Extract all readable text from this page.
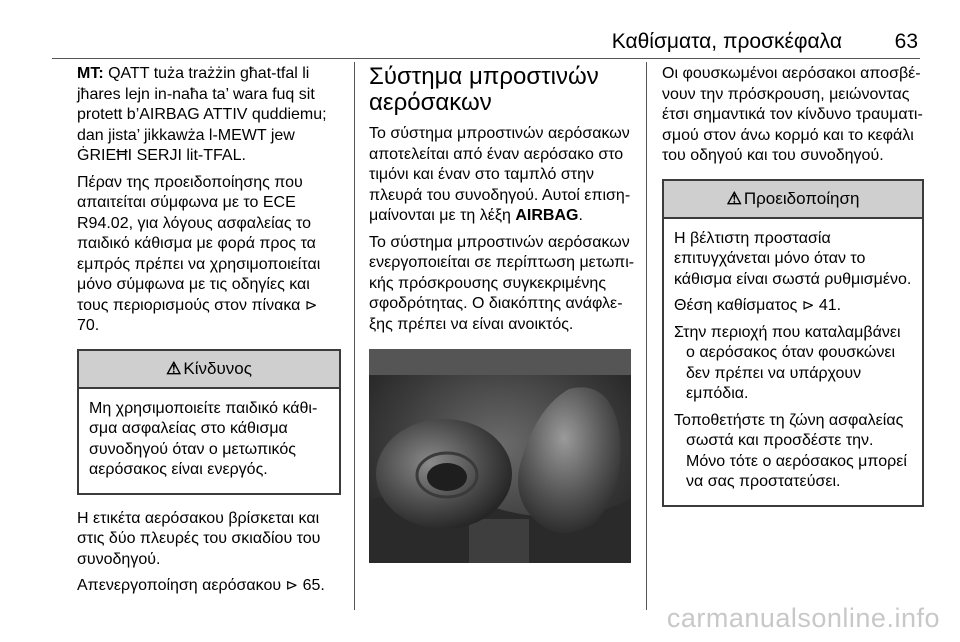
Καθίσματα, προσκέφαλα	63

MT: QATT tuża trażżin għat-tfal li jħares lejn in-naħa ta’ wara fuq sit protett b’AIRBAG ATTIV quddiemu; dan jista’ jikkawża l-MEWT jew ĠRIEĦI SERJI lit-TFAL.

Πέραν της προειδοποίησης που απαιτείται σύμφωνα με το ECE R94.02, για λόγους ασφαλείας το παιδικό κάθισμα με φορά προς τα εμπρός πρέπει να χρησιμοποιείται μόνο σύμφωνα με τις οδηγίες και τους περιορισμούς στον πίνακα ⊳ 70.

⚠ Κίνδυνος

Μη χρησιμοποιείτε παιδικό κάθισμα ασφαλείας στο κάθισμα συνοδηγού όταν ο μετωπικός αερόσακος είναι ενεργός.

Η ετικέτα αερόσακου βρίσκεται και στις δύο πλευρές του σκιαδίου του συνοδηγού.

Απενεργοποίηση αερόσακου ⊳ 65.

Σύστημα μπροστινών αερόσακων

Το σύστημα μπροστινών αερόσακων αποτελείται από έναν αερόσακο στο τιμόνι και έναν στο ταμπλό στην πλευρά του συνοδηγού. Αυτοί επισημαίνονται με τη λέξη AIRBAG.

Το σύστημα μπροστινών αερόσακων ενεργοποιείται σε περίπτωση μετωπικής πρόσκρουσης συγκεκριμένης σφοδρότητας. Ο διακόπτης ανάφλεξης πρέπει να είναι ανοικτός.

Οι φουσκωμένοι αερόσακοι αποσβένουν την πρόσκρουση, μειώνοντας έτσι σημαντικά τον κίνδυνο τραυματισμού στον άνω κορμό και το κεφάλι του οδηγού και του συνοδηγού.

⚠ Προειδοποίηση

Η βέλτιστη προστασία επιτυγχάνεται μόνο όταν το κάθισμα είναι σωστά ρυθμισμένο.

Θέση καθίσματος ⊳ 41.

Στην περιοχή που καταλαμβάνει ο αερόσακος όταν φουσκώνει δεν πρέπει να υπάρχουν εμπόδια.

Τοποθετήστε τη ζώνη ασφαλείας σωστά και προσδέστε την. Μόνο τότε ο αερόσακος μπορεί να σας προστατεύσει.

carmanualsonline.info
